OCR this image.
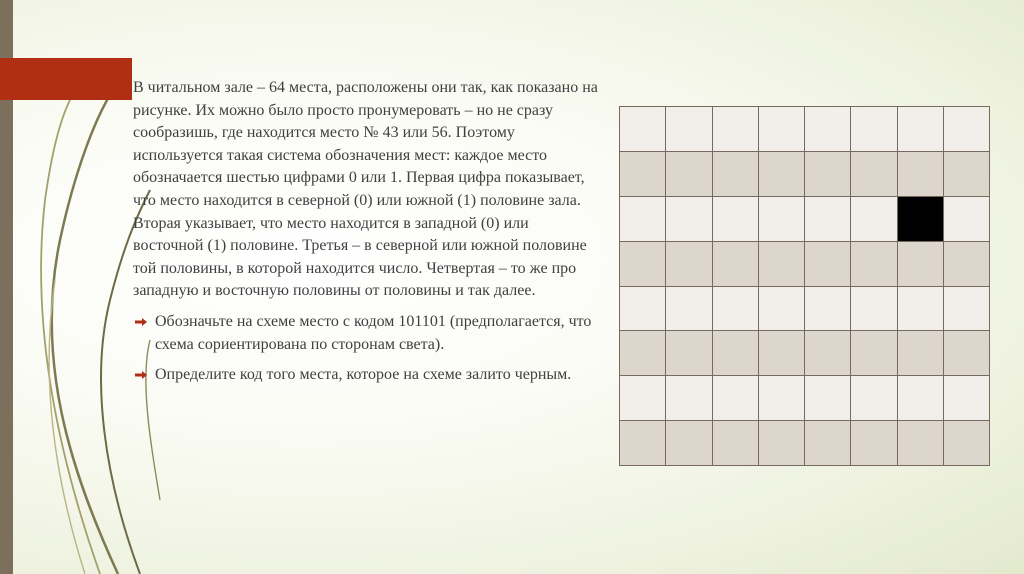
В читальном зале – 64 места, расположены они так, как показано на рисунке. Их можно было просто пронумеровать – но не сразу сообразишь, где находится место № 43 или 56. Поэтому используется такая система обозначения мест: каждое место обозначается шестью цифрами 0 или 1. Первая цифра показывает, что место находится в северной (0) или южной (1) половине зала. Вторая указывает, что место находится в западной (0) или восточной (1) половине. Третья – в северной или южной половине той половины, в которой находится число. Четвертая – то же про западную и восточную половины от половины и так далее.

Обозначьте на схеме место с кодом 101101 (предполагается, что схема сориентирована по сторонам света).
Определите код того места, которое на схеме залито черным.
